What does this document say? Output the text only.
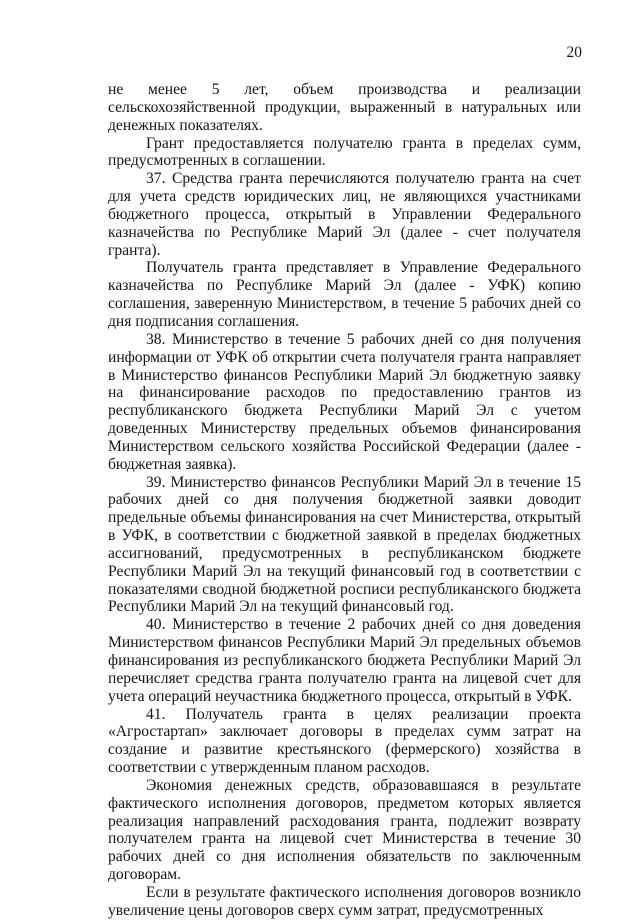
20

не менее 5 лет, объем производства и реализации сельскохозяйственной продукции, выраженный в натуральных или денежных показателях.

Грант предоставляется получателю гранта в пределах сумм, предусмотренных в соглашении.

37. Средства гранта перечисляются получателю гранта на счет для учета средств юридических лиц, не являющихся участниками бюджетного процесса, открытый в Управлении Федерального казначейства по Республике Марий Эл (далее - счет получателя гранта).

Получатель гранта представляет в Управление Федерального казначейства по Республике Марий Эл (далее - УФК) копию соглашения, заверенную Министерством, в течение 5 рабочих дней со дня подписания соглашения.

38. Министерство в течение 5 рабочих дней со дня получения информации от УФК об открытии счета получателя гранта направляет в Министерство финансов Республики Марий Эл бюджетную заявку на финансирование расходов по предоставлению грантов из республиканского бюджета Республики Марий Эл с учетом доведенных Министерству предельных объемов финансирования Министерством сельского хозяйства Российской Федерации (далее - бюджетная заявка).

39. Министерство финансов Республики Марий Эл в течение 15 рабочих дней со дня получения бюджетной заявки доводит предельные объемы финансирования на счет Министерства, открытый в УФК, в соответствии с бюджетной заявкой в пределах бюджетных ассигнований, предусмотренных в республиканском бюджете Республики Марий Эл на текущий финансовый год в соответствии с показателями сводной бюджетной росписи республиканского бюджета Республики Марий Эл на текущий финансовый год.

40. Министерство в течение 2 рабочих дней со дня доведения Министерством финансов Республики Марий Эл предельных объемов финансирования из республиканского бюджета Республики Марий Эл перечисляет средства гранта получателю гранта на лицевой счет для учета операций неучастника бюджетного процесса, открытый в УФК.

41. Получатель гранта в целях реализации проекта «Агростартап» заключает договоры в пределах сумм затрат на создание и развитие крестьянского (фермерского) хозяйства в соответствии с утвержденным планом расходов.

Экономия денежных средств, образовавшаяся в результате фактического исполнения договоров, предметом которых является реализация направлений расходования гранта, подлежит возврату получателем гранта на лицевой счет Министерства в течение 30 рабочих дней со дня исполнения обязательств по заключенным договорам.

Если в результате фактического исполнения договоров возникло увеличение цены договоров сверх сумм затрат, предусмотренных
